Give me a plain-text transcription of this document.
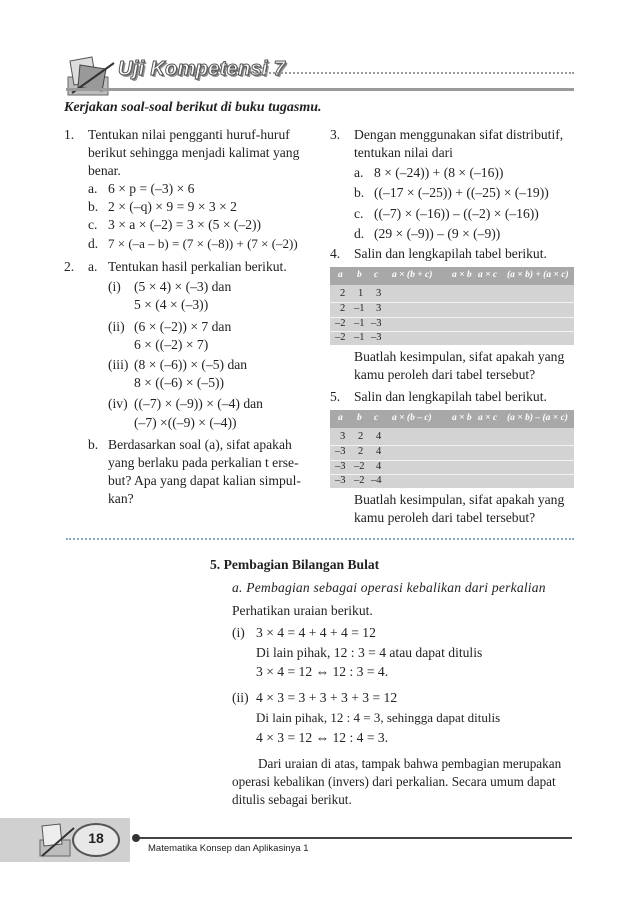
Uji Kompetensi 7
Kerjakan soal-soal berikut di buku tugasmu.
1. Tentukan nilai pengganti huruf-huruf
berikut sehingga menjadi kalimat yang
benar.
a. 6 × p = (–3) × 6
b. 2 × (–q) × 9 = 9 × 3 × 2
c. 3 × a × (–2) = 3 × (5 × (–2))
d. 7 × (–a – b) = (7 × (–8)) + (7 × (–2))
2. a. Tentukan hasil perkalian berikut.
(i) (5 × 4) × (–3) dan
5 × (4 × (–3))
(ii) (6 × (–2)) × 7 dan
6 × ((–2) × 7)
(iii) (8 × (–6)) × (–5) dan
8 × ((–6) × (–5))
(iv) ((–7) × (–9)) × (–4) dan
(–7) ×((–9) × (–4))
b. Berdasarkan soal (a), sifat apakah
yang berlaku pada perkalian t erse-
but? Apa yang dapat kalian simpul-
kan?
3. Dengan menggunakan sifat distributif,
tentukan nilai dari
a. 8 × (–24)) + (8 × (–16))
b. ((–17 × (–25)) + ((–25) × (–19))
c. ((–7) × (–16)) – ((–2) × (–16))
d. (29 × (–9)) – (9 × (–9))
4. Salin dan lengkapilah tabel berikut.
a b c a × (b + c) a × b a × c (a × b) + (a × c)
2 1 3
2 –1 3
–2 –1 –3
–2 –1 –3
Buatlah kesimpulan, sifat apakah yang
kamu peroleh dari tabel tersebut?
5. Salin dan lengkapilah tabel berikut.
a b c a × (b – c) a × b a × c (a × b) – (a × c)
3 2 4
–3 2 4
–3 –2 4
–3 –2 –4
Buatlah kesimpulan, sifat apakah yang
kamu peroleh dari tabel tersebut?
5. Pembagian Bilangan Bulat
a. Pembagian sebagai operasi kebalikan dari perkalian
Perhatikan uraian berikut.
(i) 3 × 4 = 4 + 4 + 4 = 12
Di lain pihak, 12 : 3 = 4 atau dapat ditulis
3 × 4 = 12 ⇔ 12 : 3 = 4.
(ii) 4 × 3 = 3 + 3 + 3 + 3 = 12
Di lain pihak, 12 : 4 = 3, sehingga dapat ditulis
4 × 3 = 12 ⇔ 12 : 4 = 3.
Dari uraian di atas, tampak bahwa pembagian merupakan
operasi kebalikan (invers) dari perkalian. Secara umum dapat
ditulis sebagai berikut.
18
Matematika Konsep dan Aplikasinya 1
